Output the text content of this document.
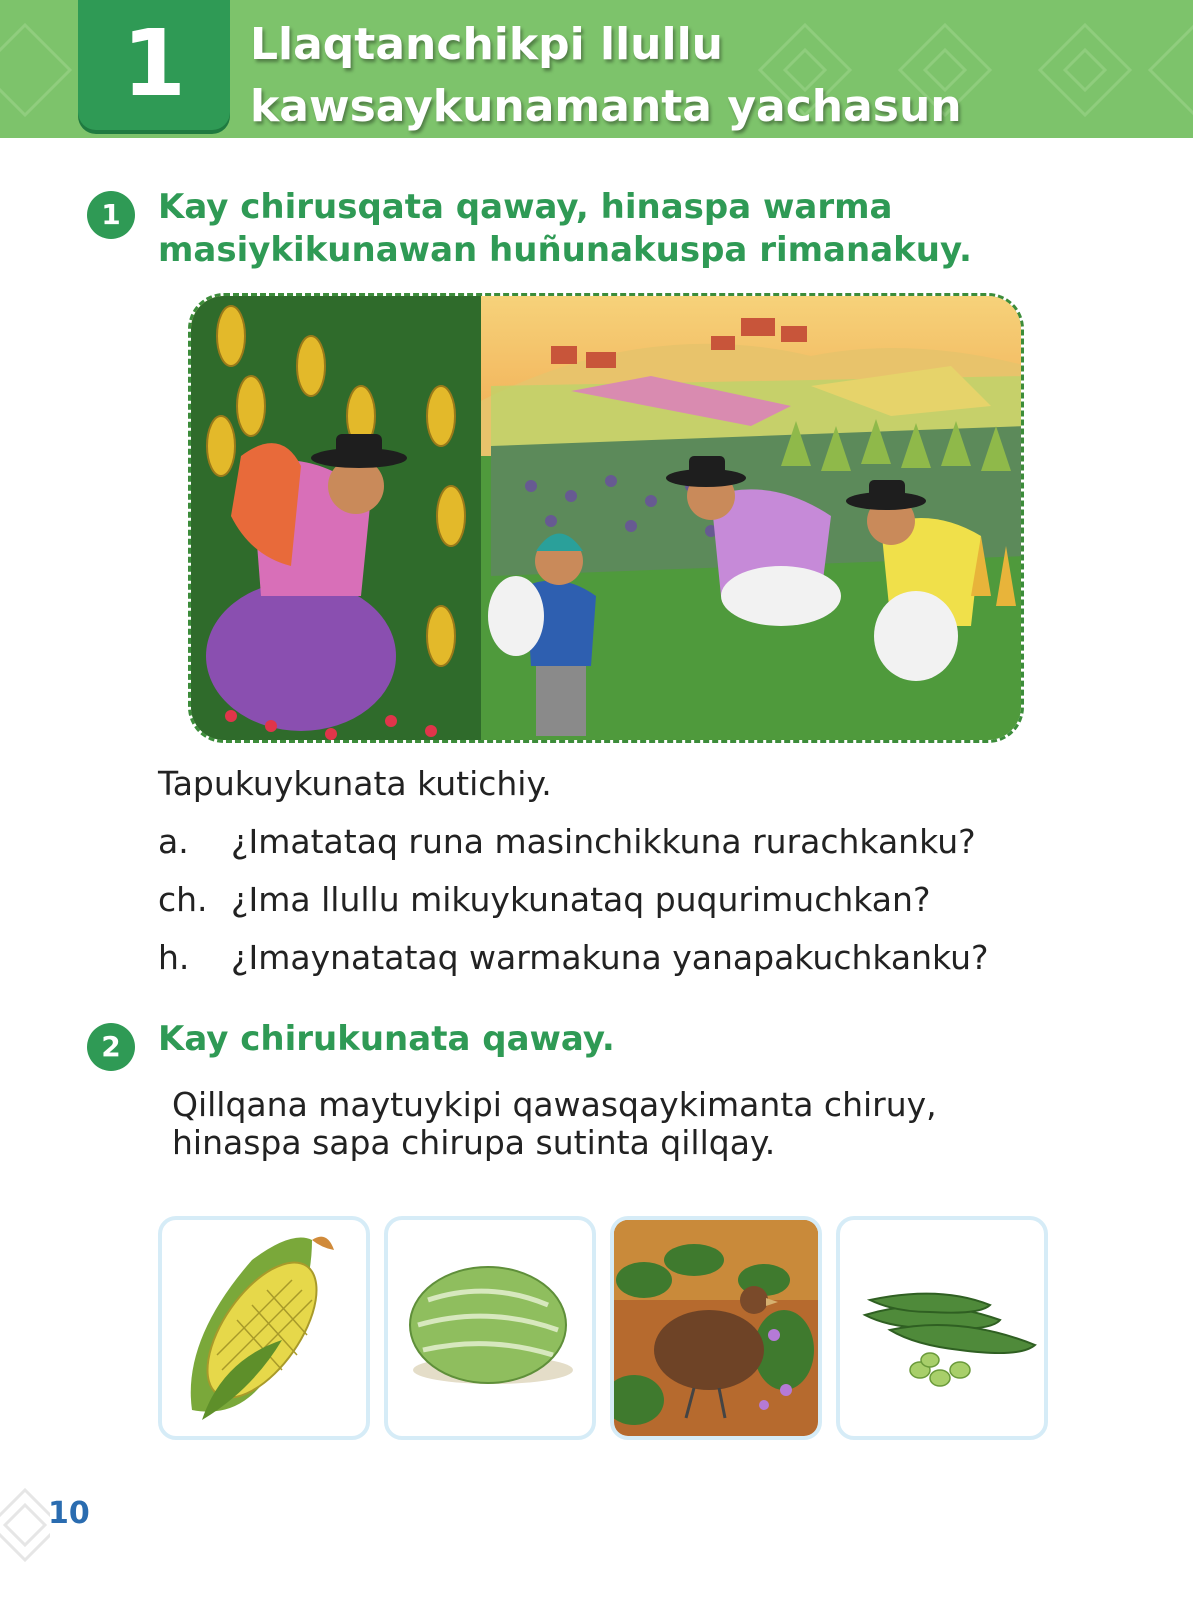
1	Llaqtanchikpi llullu
kawsaykunamanta yachasun
1	Kay chirusqata qaway, hinaspa warma
masiykikunawan huñunakuspa rimanakuy.
Tapukuykunata kutichiy.
a. ¿Imatataq runa masinchikkuna rurachkanku?
ch. ¿Ima llullu mikuykunataq puqurimuchkan?
h. ¿Imaynatataq warmakuna yanapakuchkanku?
2	Kay chirukunata qaway.
Qillqana maytuykipi qawasqaykimanta chiruy,
hinaspa sapa chirupa sutinta qillqay.
10
